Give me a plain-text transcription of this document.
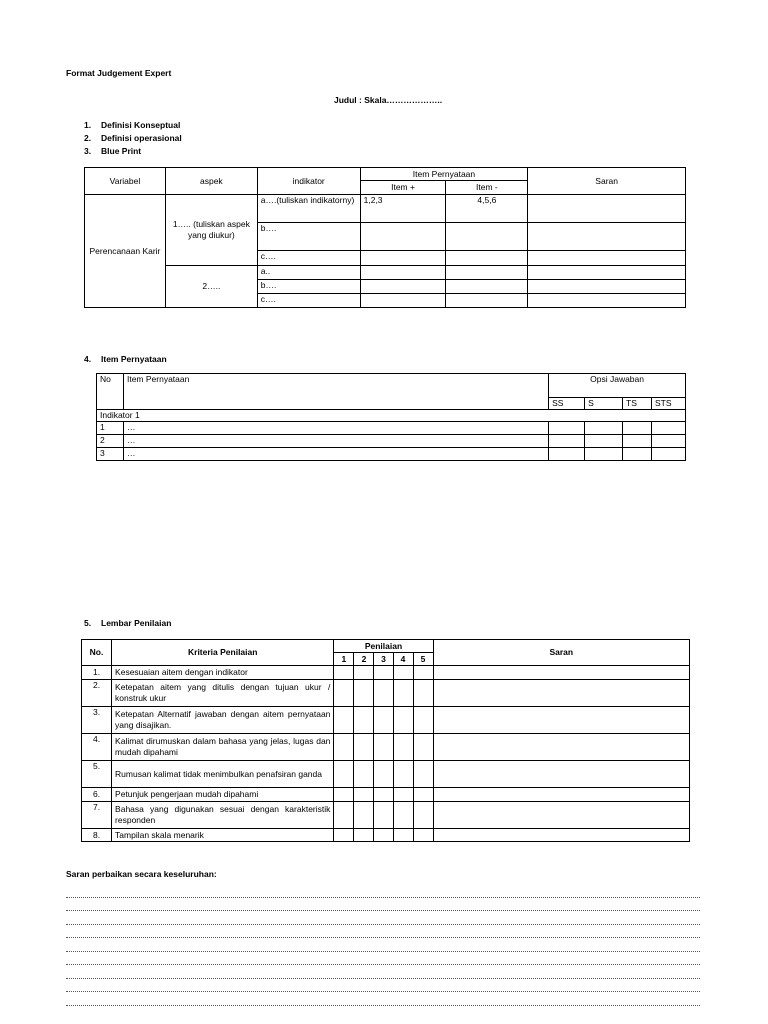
Format Judgement Expert
Judul : Skala………………..
1. Definisi Konseptual
2. Definisi operasional
3. Blue Print
Variabel	aspek	indikator	Item Pernyataan		Saran
			Item +	Item -	
Perencanaan Karir	1….. (tuliskan aspek yang diukur)	a….(tuliskan indikatorny)	1,2,3	4,5,6	
		b….			
		c….			
	2…..	a..			
		b….			
		c….			
4. Item Pernyataan
No	Item Pernyataan	Opsi Jawaban			
		SS	S	TS	STS
Indikator 1					
1	…				
2	…				
3	…				
5. Lembar Penilaian
No.	Kriteria Penilaian	Penilaian					Saran
		1	2	3	4	5	
1.	Kesesuaian aitem dengan indikator						
2.	Ketepatan aitem yang ditulis dengan tujuan ukur / konstruk ukur						
3.	Ketepatan Alternatif jawaban dengan aitem pernyataan yang disajikan.						
4.	Kalimat dirumuskan dalam bahasa yang jelas, lugas dan mudah dipahami						
5.	Rumusan kalimat tidak menimbulkan penafsiran ganda						
6.	Petunjuk pengerjaan mudah dipahami						
7.	Bahasa yang digunakan sesuai dengan karakteristik responden						
8.	Tampilan skala menarik						
Saran perbaikan secara keseluruhan:
